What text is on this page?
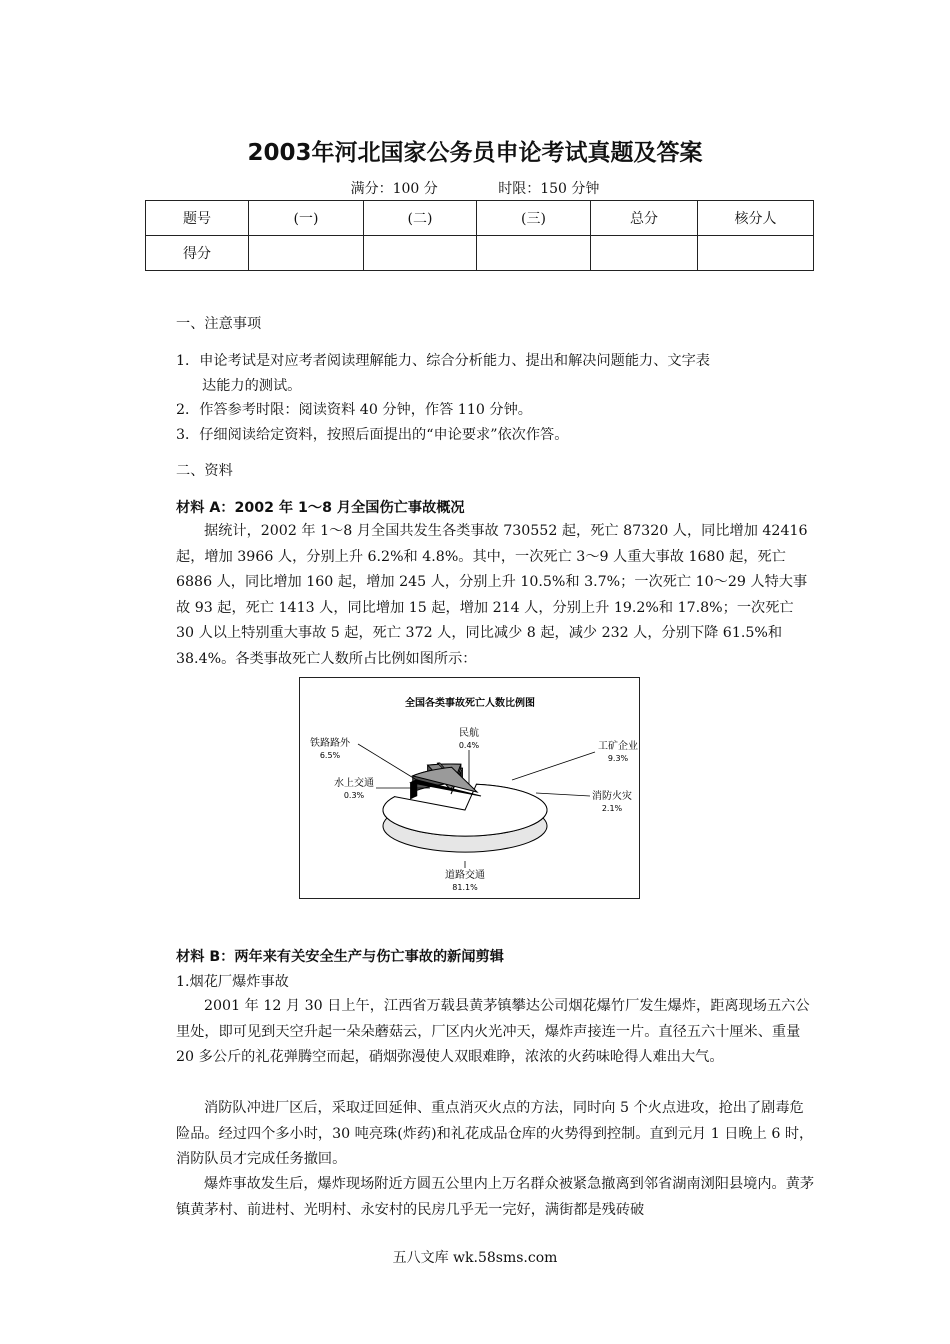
2003年河北国家公务员申论考试真题及答案
满分：100 分	时限：150 分钟
题号	(一)	(二)	(三)	总分	核分人
得分					
一、注意事项
1．申论考试是对应考者阅读理解能力、综合分析能力、提出和解决问题能力、文字表
达能力的测试。
2．作答参考时限：阅读资料 40 分钟，作答 110 分钟。
3．仔细阅读给定资料，按照后面提出的“申论要求”依次作答。
二、资料
材料 A：2002 年 1～8 月全国伤亡事故概况
据统计，2002 年 1～8 月全国共发生各类事故 730552 起，死亡 87320 人，同比增加 42416 起，增加 3966 人，分别上升 6.2%和 4.8%。其中，一次死亡 3～9 人重大事故 1680 起，死亡 6886 人，同比增加 160 起，增加 245 人，分别上升 10.5%和 3.7%；一次死亡 10～29 人特大事故 93 起，死亡 1413 人，同比增加 15 起，增加 214 人，分别上升 19.2%和 17.8%；一次死亡 30 人以上特别重大事故 5 起，死亡 372 人，同比减少 8 起，减少 232 人，分别下降 61.5%和 38.4%。各类事故死亡人数所占比例如图所示：
全国各类事故死亡人数比例图
道路交通
81.1%
工矿企业
9.3%
铁路路外
6.5%
消防火灾
2.1%
民航
0.4%
水上交通
0.3%
材料 B：两年来有关安全生产与伤亡事故的新闻剪辑
1.烟花厂爆炸事故
2001 年 12 月 30 日上午，江西省万载县黄茅镇攀达公司烟花爆竹厂发生爆炸，距离现场五六公里处，即可见到天空升起一朵朵蘑菇云，厂区内火光冲天，爆炸声接连一片。直径五六十厘米、重量 20 多公斤的礼花弹腾空而起，硝烟弥漫使人双眼难睁，浓浓的火药味呛得人难出大气。
消防队冲进厂区后，采取迂回延伸、重点消灭火点的方法，同时向 5 个火点进攻，抢出了剧毒危险品。经过四个多小时，30 吨亮珠(炸药)和礼花成品仓库的火势得到控制。直到元月 1 日晚上 6 时，消防队员才完成任务撤回。
爆炸事故发生后，爆炸现场附近方圆五公里内上万名群众被紧急撤离到邻省湖南浏阳县境内。黄茅镇黄茅村、前进村、光明村、永安村的民房几乎无一完好，满街都是残砖破
五八文库 wk.58sms.com
